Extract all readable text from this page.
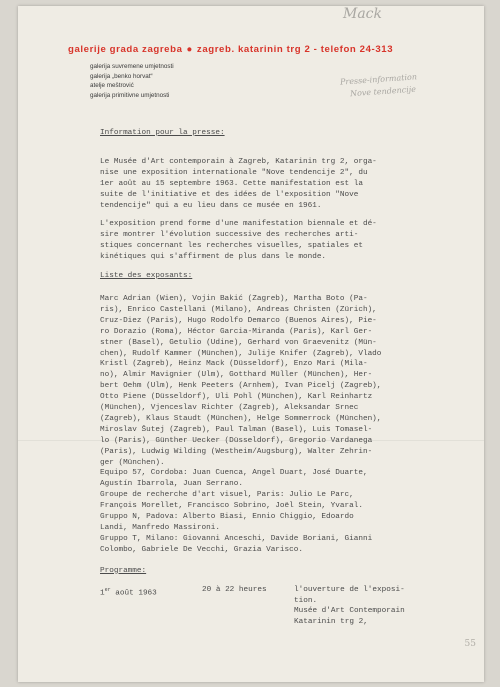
Mack
Presse-information
Nove tendencije
galerije grada zagreba ● zagreb. katarinin trg 2 - telefon 24-313
galerija suvremene umjetnosti
galerija „benko horvat“
atelje meštrović
galerija primitivne umjetnosti
Information pour la presse:
Le Musée d'Art contemporain à Zagreb, Katarinin trg 2, orga-
nise une exposition internationale "Nove tendencije 2", du
1er août au 15 septembre 1963. Cette manifestation est la
suite de l'initiative et des idées de l'exposition "Nove
tendencije" qui a eu lieu dans ce musée en 1961.
L'exposition prend forme d'une manifestation biennale et dé-
sire montrer l'évolution successive des recherches arti-
stiques concernant les recherches visuelles, spatiales et
kinétiques qui s'affirment de plus dans le monde.
Liste des exposants:
Marc Adrian (Wien), Vojin Bakić (Zagreb), Martha Boto (Pa-
ris), Enrico Castellani (Milano), Andreas Christen (Zürich),
Cruz-Diez (Paris), Hugo Rodolfo Demarco (Buenos Aires), Pie-
ro Dorazio (Roma), Héctor Garcia-Miranda (Paris), Karl Ger-
stner (Basel), Getulio (Udine), Gerhard von Graevenitz (Mün-
chen), Rudolf Kammer (München), Julije Knifer (Zagreb), Vlado
Kristl (Zagreb), Heinz Mack (Düsseldorf), Enzo Mari (Mila-
no), Almir Mavignier (Ulm), Gotthard Müller (München), Her-
bert Oehm (Ulm), Henk Peeters (Arnhem), Ivan Picelj (Zagreb),
Otto Piene (Düsseldorf), Uli Pohl (München), Karl Reinhartz
(München), Vjenceslav Richter (Zagreb), Aleksandar Srnec
(Zagreb), Klaus Staudt (München), Helge Sommerrock (München),
Miroslav Šutej (Zagreb), Paul Talman (Basel), Luis Tomasel-
lo (Paris), Günther Uecker (Düsseldorf), Gregorio Vardanega
(Paris), Ludwig Wilding (Westheim/Augsburg), Walter Zehrin-
ger (München).
Equipo 57, Cordoba: Juan Cuenca, Angel Duart, José Duarte,
Agustín Ibarrola, Juan Serrano.
Groupe de recherche d'art visuel, Paris: Julio Le Parc,
François Morellet, Francisco Sobrino, Joël Stein, Yvaral.
Gruppo N, Padova: Alberto Biasi, Ennio Chiggio, Edoardo
Landi, Manfredo Massironi.
Gruppo T, Milano: Giovanni Anceschi, Davide Boriani, Gianni
Colombo, Gabriele De Vecchi, Grazia Varisco.
Programme:
1er août 1963	20 à 22 heures	l'ouverture de l'exposi-
tion.
Musée d'Art Contemporain
Katarinin trg 2,
55
